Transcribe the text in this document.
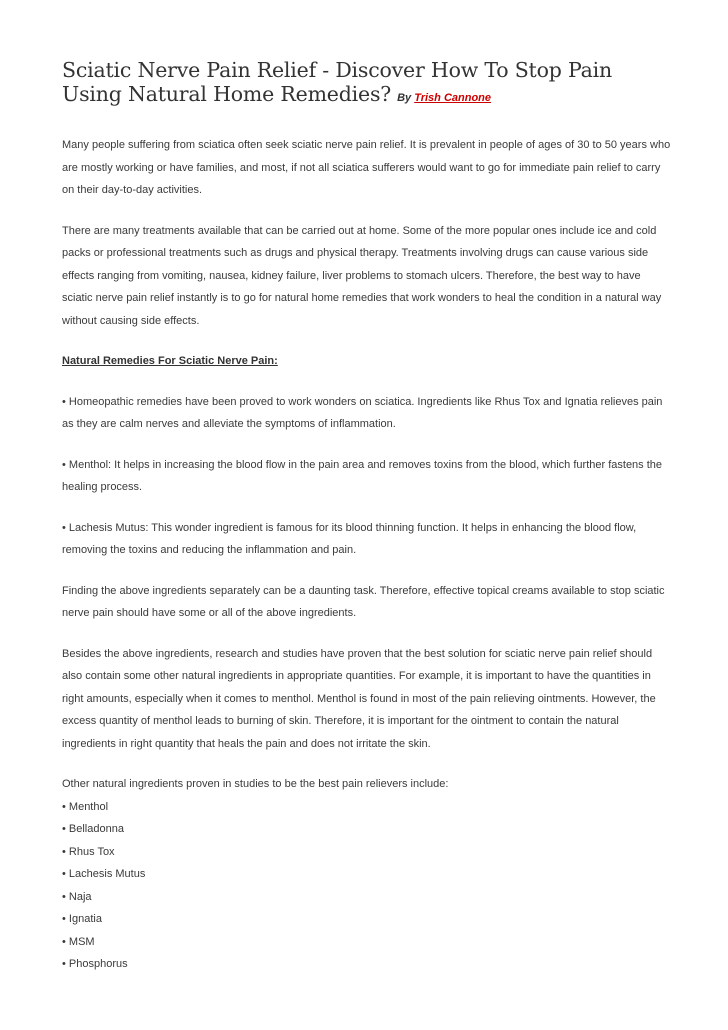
Sciatic Nerve Pain Relief - Discover How To Stop Pain Using Natural Home Remedies? By Trish Cannone

Many people suffering from sciatica often seek sciatic nerve pain relief. It is prevalent in people of ages of 30 to 50 years who are mostly working or have families, and most, if not all sciatica sufferers would want to go for immediate pain relief to carry on their day-to-day activities.

There are many treatments available that can be carried out at home. Some of the more popular ones include ice and cold packs or professional treatments such as drugs and physical therapy. Treatments involving drugs can cause various side effects ranging from vomiting, nausea, kidney failure, liver problems to stomach ulcers. Therefore, the best way to have sciatic nerve pain relief instantly is to go for natural home remedies that work wonders to heal the condition in a natural way without causing side effects.

Natural Remedies For Sciatic Nerve Pain:

• Homeopathic remedies have been proved to work wonders on sciatica. Ingredients like Rhus Tox and Ignatia relieves pain as they are calm nerves and alleviate the symptoms of inflammation.

• Menthol: It helps in increasing the blood flow in the pain area and removes toxins from the blood, which further fastens the healing process.

• Lachesis Mutus: This wonder ingredient is famous for its blood thinning function. It helps in enhancing the blood flow, removing the toxins and reducing the inflammation and pain.

Finding the above ingredients separately can be a daunting task. Therefore, effective topical creams available to stop sciatic nerve pain should have some or all of the above ingredients.

Besides the above ingredients, research and studies have proven that the best solution for sciatic nerve pain relief should also contain some other natural ingredients in appropriate quantities. For example, it is important to have the quantities in right amounts, especially when it comes to menthol. Menthol is found in most of the pain relieving ointments. However, the excess quantity of menthol leads to burning of skin. Therefore, it is important for the ointment to contain the natural ingredients in right quantity that heals the pain and does not irritate the skin.

Other natural ingredients proven in studies to be the best pain relievers include:

• Menthol
• Belladonna
• Rhus Tox
• Lachesis Mutus
• Naja
• Ignatia
• MSM
• Phosphorus
